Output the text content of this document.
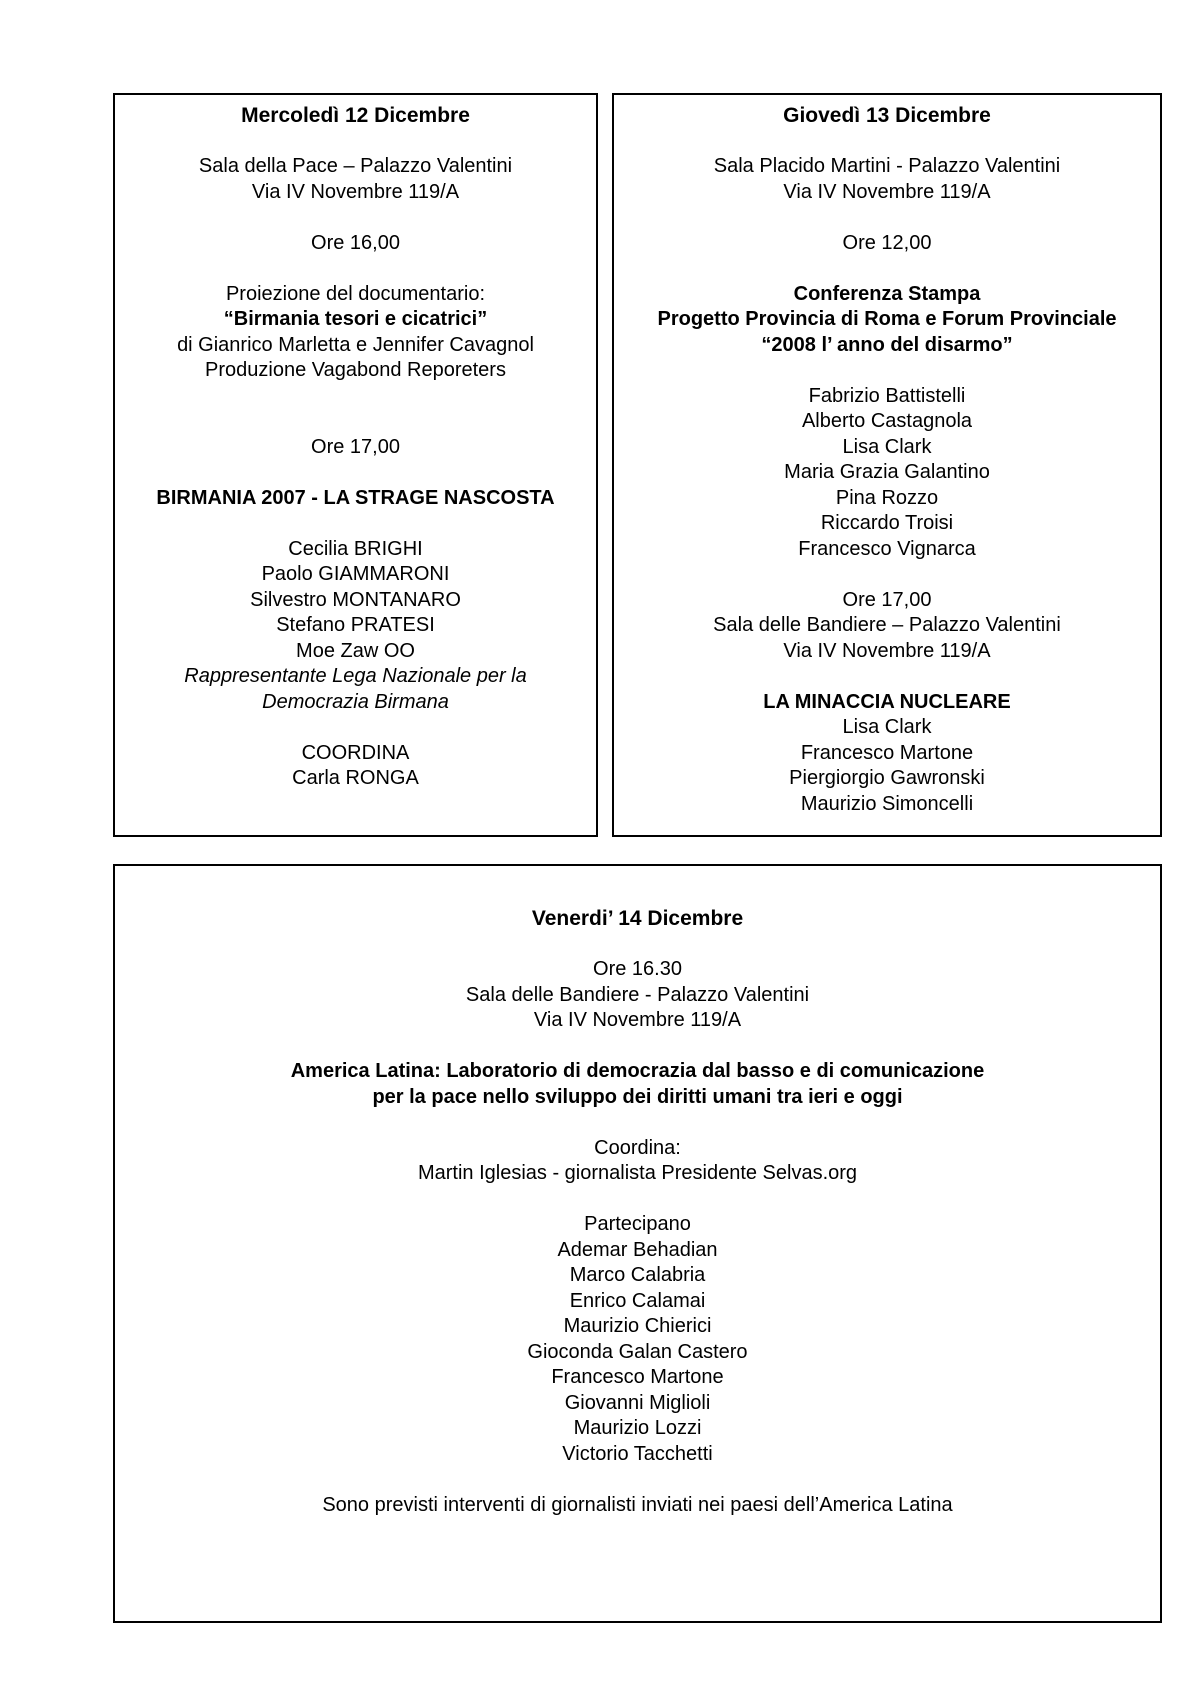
Mercoledì 12 Dicembre
Sala della Pace – Palazzo Valentini
Via IV Novembre 119/A
Ore 16,00
Proiezione del documentario:
“Birmania tesori e cicatrici”
di Gianrico Marletta e Jennifer Cavagnol
Produzione Vagabond Reporeters
Ore 17,00
BIRMANIA 2007 - LA STRAGE NASCOSTA
Cecilia BRIGHI
Paolo GIAMMARONI
Silvestro MONTANARO
Stefano PRATESI
Moe Zaw OO
Rappresentante Lega Nazionale per la
Democrazia Birmana
COORDINA
Carla RONGA
Giovedì 13 Dicembre
Sala Placido Martini - Palazzo Valentini
Via IV Novembre 119/A
Ore 12,00
Conferenza Stampa
Progetto Provincia di Roma e Forum Provinciale
“2008 l’ anno del disarmo”
Fabrizio Battistelli
Alberto Castagnola
Lisa Clark
Maria Grazia Galantino
Pina Rozzo
Riccardo Troisi
Francesco Vignarca
Ore 17,00
Sala delle Bandiere – Palazzo Valentini
Via IV Novembre 119/A
LA MINACCIA NUCLEARE
Lisa Clark
Francesco Martone
Piergiorgio Gawronski
Maurizio Simoncelli
Venerdi’ 14 Dicembre
Ore 16.30
Sala delle Bandiere - Palazzo Valentini
Via IV Novembre 119/A
America Latina: Laboratorio di democrazia dal basso e di comunicazione
per la pace nello sviluppo dei diritti umani tra ieri e oggi
Coordina:
Martin Iglesias - giornalista Presidente Selvas.org
Partecipano
Ademar Behadian
Marco Calabria
Enrico Calamai
Maurizio Chierici
Gioconda Galan Castero
Francesco Martone
Giovanni Miglioli
Maurizio Lozzi
Victorio Tacchetti
Sono previsti interventi di giornalisti inviati nei paesi dell’America Latina
